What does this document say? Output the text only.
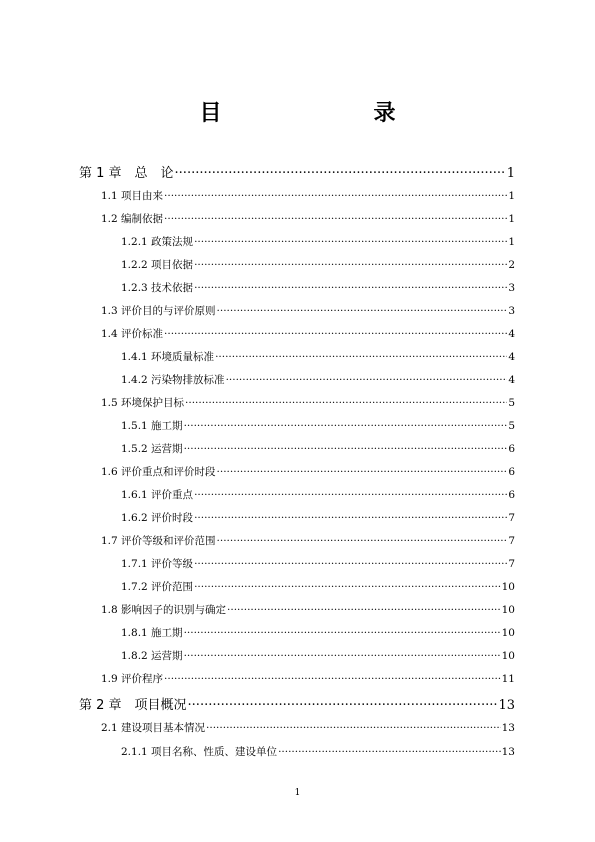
目　　录
第 1 章　总　论 .....	1
1.1 项目由来 .....	1
1.2 编制依据 .....	1
1.2.1 政策法规 .....	1
1.2.2 项目依据 .....	2
1.2.3 技术依据 .....	3
1.3 评价目的与评价原则 .....	3
1.4 评价标准 .....	4
1.4.1 环境质量标准 .....	4
1.4.2 污染物排放标准 .....	4
1.5 环境保护目标 .....	5
1.5.1 施工期 .....	5
1.5.2 运营期 .....	6
1.6 评价重点和评价时段 .....	6
1.6.1 评价重点 .....	6
1.6.2 评价时段 .....	7
1.7 评价等级和评价范围 .....	7
1.7.1 评价等级 .....	7
1.7.2 评价范围 .....	10
1.8 影响因子的识别与确定 .....	10
1.8.1 施工期 .....	10
1.8.2 运营期 .....	10
1.9 评价程序 .....	11
第 2 章　项目概况 .....	13
2.1 建设项目基本情况 .....	13
2.1.1 项目名称、性质、建设单位 .....	13
1
